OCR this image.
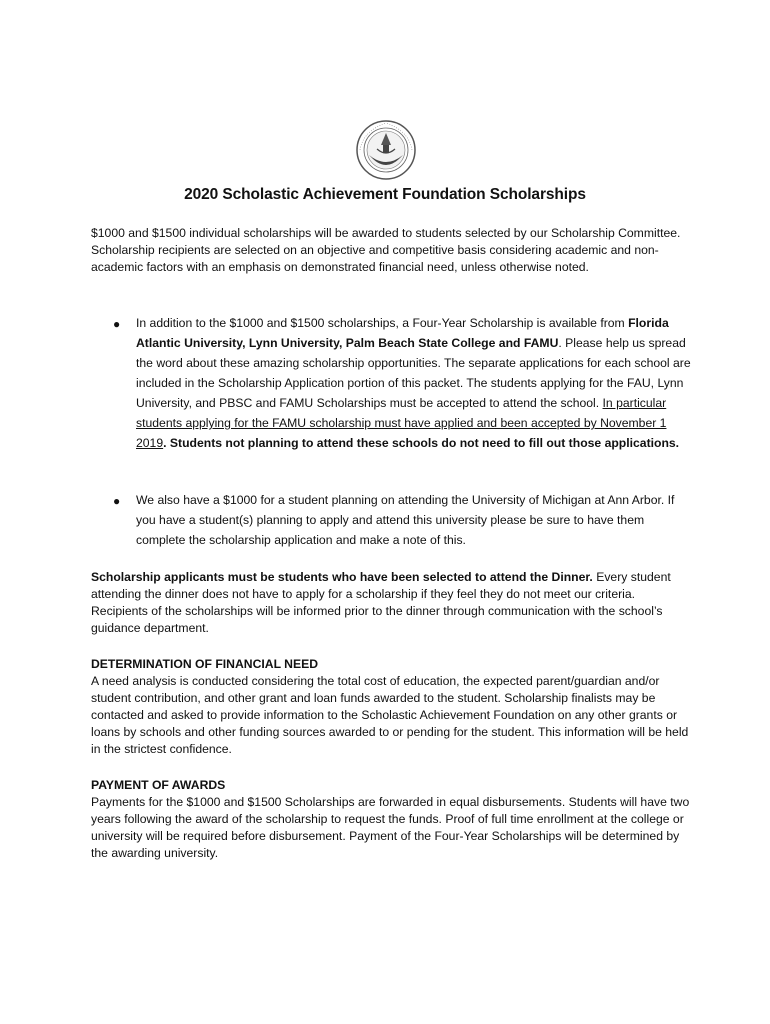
2020 Scholastic Achievement Foundation Scholarships

$1000 and $1500 individual scholarships will be awarded to students selected by our Scholarship Committee. Scholarship recipients are selected on an objective and competitive basis considering academic and non-academic factors with an emphasis on demonstrated financial need, unless otherwise noted.

● In addition to the $1000 and $1500 scholarships, a Four-Year Scholarship is available from Florida Atlantic University, Lynn University, Palm Beach State College and FAMU. Please help us spread the word about these amazing scholarship opportunities. The separate applications for each school are included in the Scholarship Application portion of this packet. The students applying for the FAU, Lynn University, and PBSC and FAMU Scholarships must be accepted to attend the school. In particular students applying for the FAMU scholarship must have applied and been accepted by November 1 2019. Students not planning to attend these schools do not need to fill out those applications.

● We also have a $1000 for a student planning on attending the University of Michigan at Ann Arbor. If you have a student(s) planning to apply and attend this university please be sure to have them complete the scholarship application and make a note of this.

Scholarship applicants must be students who have been selected to attend the Dinner. Every student attending the dinner does not have to apply for a scholarship if they feel they do not meet our criteria. Recipients of the scholarships will be informed prior to the dinner through communication with the school’s guidance department.

DETERMINATION OF FINANCIAL NEED
A need analysis is conducted considering the total cost of education, the expected parent/guardian and/or student contribution, and other grant and loan funds awarded to the student. Scholarship finalists may be contacted and asked to provide information to the Scholastic Achievement Foundation on any other grants or loans by schools and other funding sources awarded to or pending for the student. This information will be held in the strictest confidence.

PAYMENT OF AWARDS
Payments for the $1000 and $1500 Scholarships are forwarded in equal disbursements. Students will have two years following the award of the scholarship to request the funds. Proof of full time enrollment at the college or university will be required before disbursement. Payment of the Four-Year Scholarships will be determined by the awarding university.
